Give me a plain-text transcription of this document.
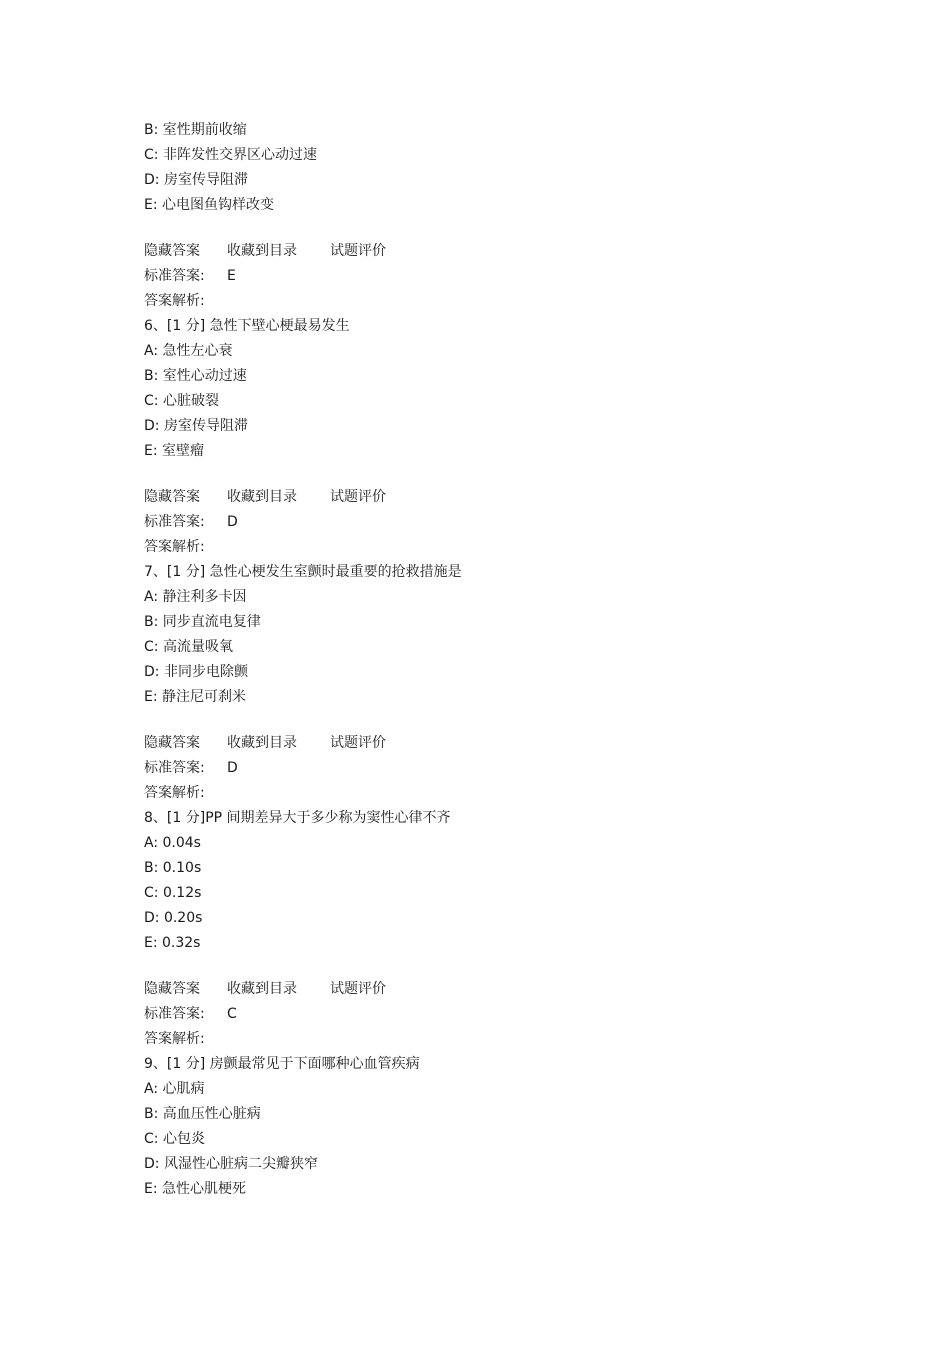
B: 室性期前收缩
C: 非阵发性交界区心动过速
D: 房室传导阻滞
E: 心电图鱼钩样改变
隐藏答案	收藏到目录	试题评价
标准答案: E
答案解析:
6、[1 分] 急性下壁心梗最易发生
A: 急性左心衰
B: 室性心动过速
C: 心脏破裂
D: 房室传导阻滞
E: 室壁瘤
隐藏答案	收藏到目录	试题评价
标准答案: D
答案解析:
7、[1 分] 急性心梗发生室颤时最重要的抢救措施是
A: 静注利多卡因
B: 同步直流电复律
C: 高流量吸氧
D: 非同步电除颤
E: 静注尼可刹米
隐藏答案	收藏到目录	试题评价
标准答案: D
答案解析:
8、[1 分]PP 间期差异大于多少称为窦性心律不齐
A: 0.04s
B: 0.10s
C: 0.12s
D: 0.20s
E: 0.32s
隐藏答案	收藏到目录	试题评价
标准答案: C
答案解析:
9、[1 分] 房颤最常见于下面哪种心血管疾病
A: 心肌病
B: 高血压性心脏病
C: 心包炎
D: 风湿性心脏病二尖瓣狭窄
E: 急性心肌梗死
